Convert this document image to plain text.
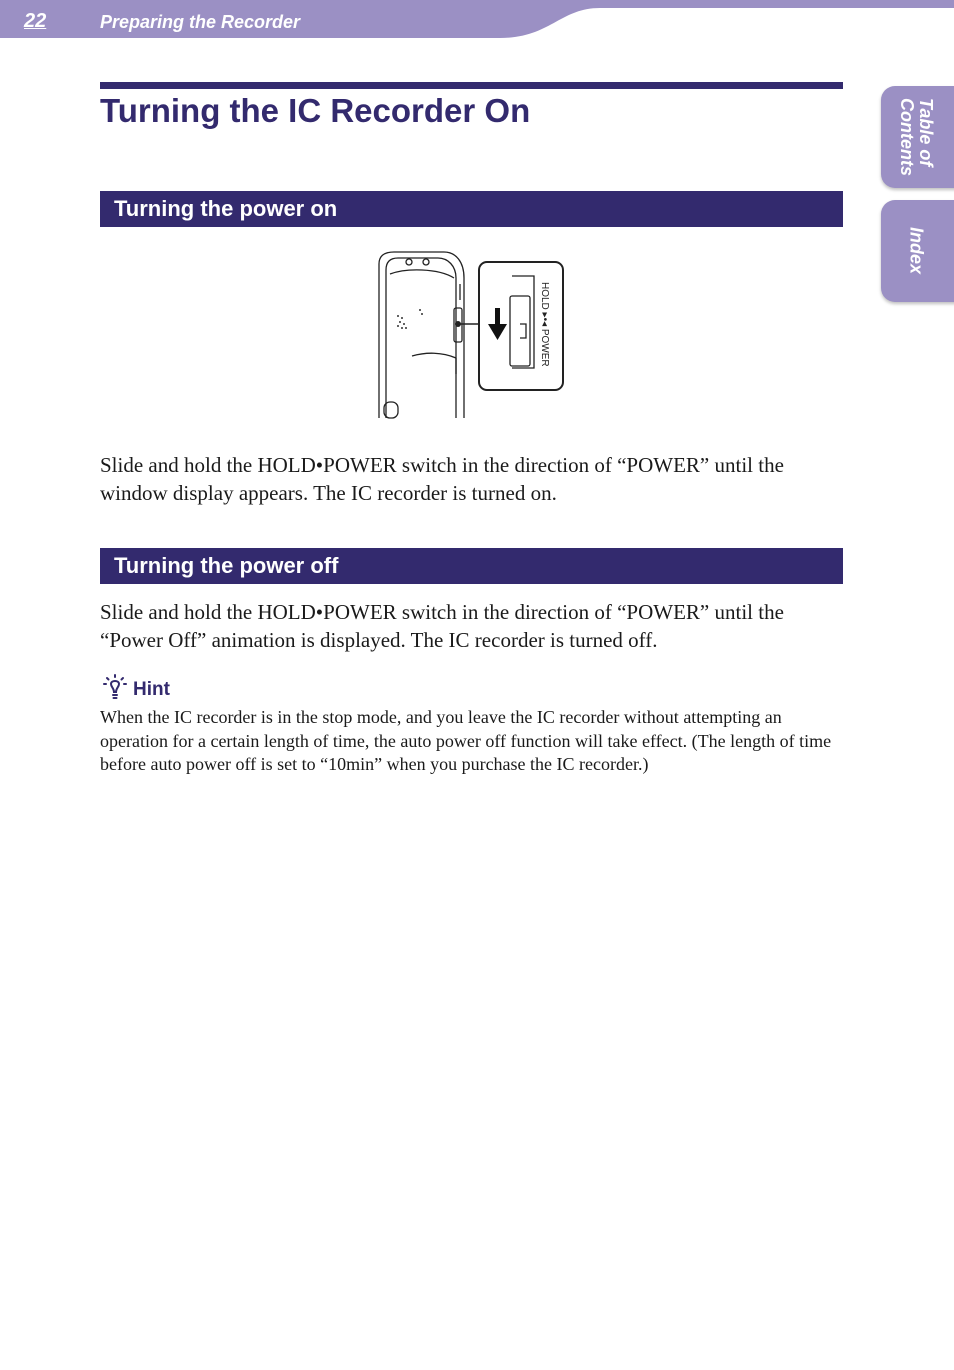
22	Preparing the Recorder
Table of
Contents
Index
Turning the IC Recorder On
Turning the power on
HOLD ▸•◂ POWER

Slide and hold the HOLD•POWER switch in the direction of “POWER” until the window display appears. The IC recorder is turned on.

Turning the power off

Slide and hold the HOLD•POWER switch in the direction of “POWER” until the “Power Off” animation is displayed. The IC recorder is turned off.

Hint

When the IC recorder is in the stop mode, and you leave the IC recorder without attempting an operation for a certain length of time, the auto power off function will take effect. (The length of time before auto power off is set to “10min” when you purchase the IC recorder.)
